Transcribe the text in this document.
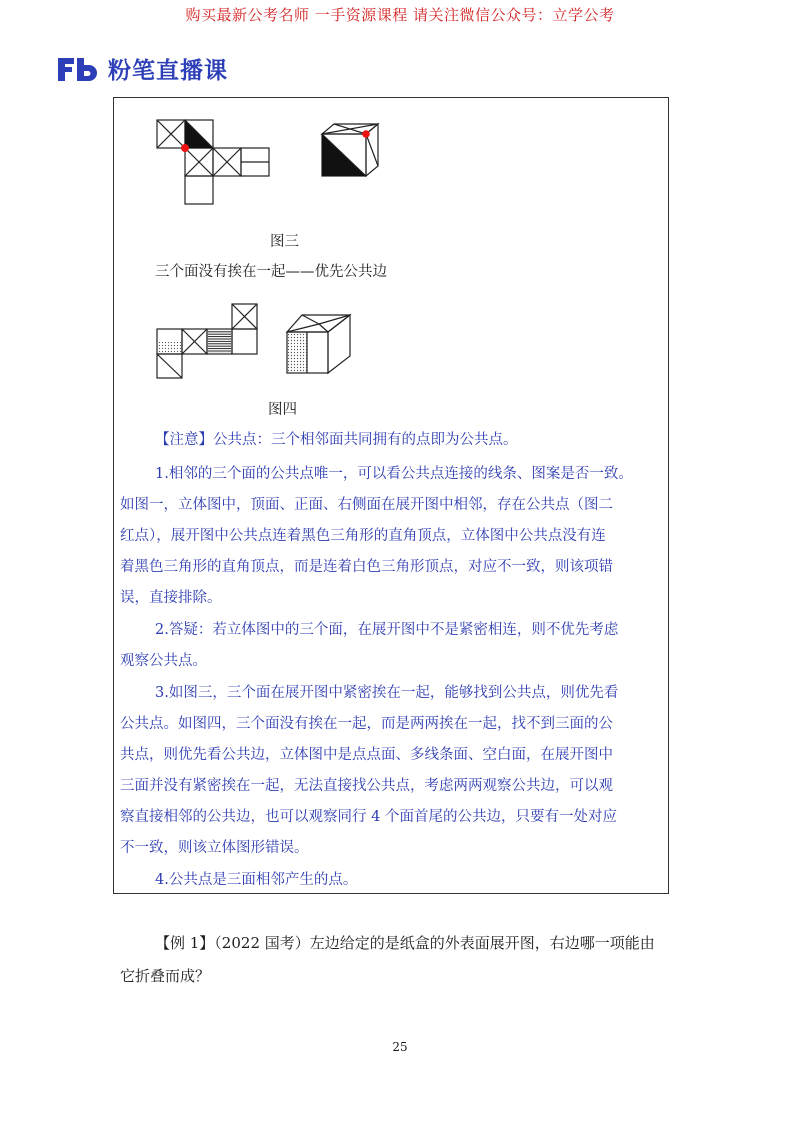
购买最新公考名师 一手资源课程 请关注微信公众号：立学公考
粉笔直播课
图三
三个面没有挨在一起——优先公共边
图四
【注意】公共点：三个相邻面共同拥有的点即为公共点。
1.相邻的三个面的公共点唯一，可以看公共点连接的线条、图案是否一致。
如图一，立体图中，顶面、正面、右侧面在展开图中相邻，存在公共点（图二
红点），展开图中公共点连着黑色三角形的直角顶点，立体图中公共点没有连
着黑色三角形的直角顶点，而是连着白色三角形顶点，对应不一致，则该项错
误，直接排除。
2.答疑：若立体图中的三个面，在展开图中不是紧密相连，则不优先考虑
观察公共点。
3.如图三，三个面在展开图中紧密挨在一起，能够找到公共点，则优先看
公共点。如图四，三个面没有挨在一起，而是两两挨在一起，找不到三面的公
共点，则优先看公共边，立体图中是点点面、多线条面、空白面，在展开图中
三面并没有紧密挨在一起，无法直接找公共点，考虑两两观察公共边，可以观
察直接相邻的公共边，也可以观察同行 4 个面首尾的公共边，只要有一处对应
不一致，则该立体图形错误。
4.公共点是三面相邻产生的点。
【例 1】（2022 国考）左边给定的是纸盒的外表面展开图，右边哪一项能由
它折叠而成？
25
